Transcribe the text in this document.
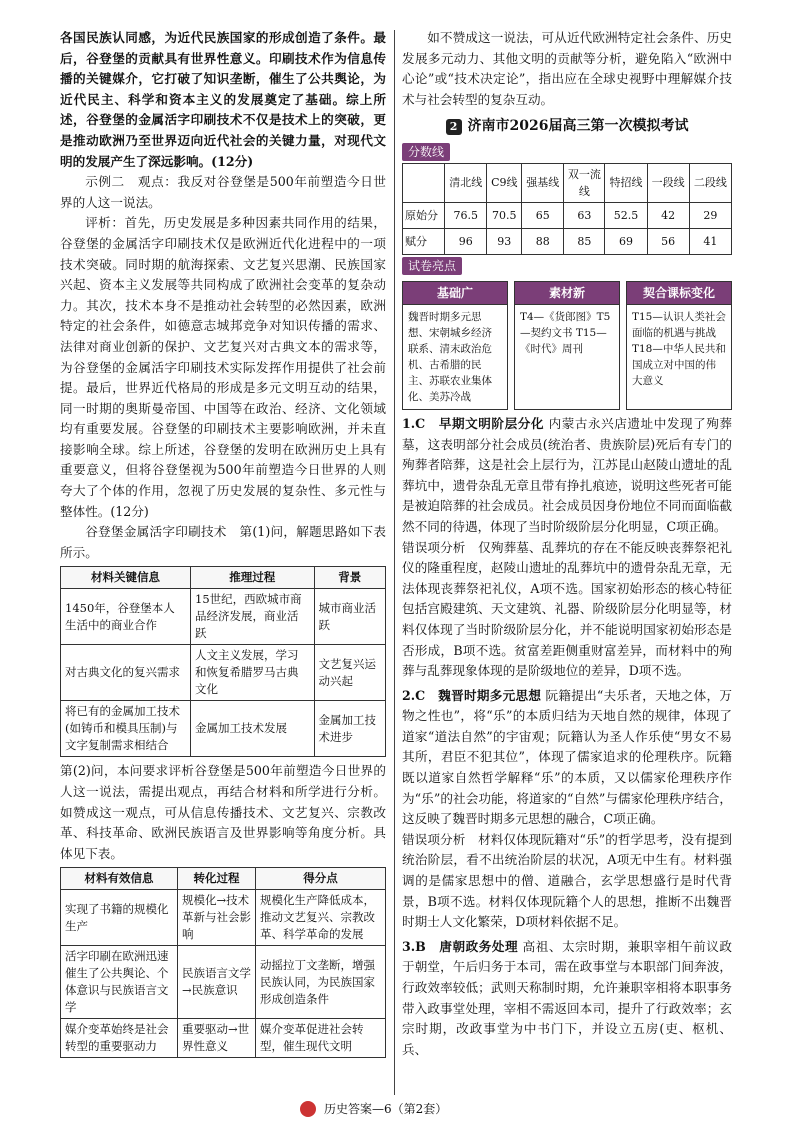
各国民族认同感，为近代民族国家的形成创造了条件。最后，谷登堡的贡献具有世界性意义。印刷技术作为信息传播的关键媒介，它打破了知识垄断，催生了公共舆论，为近代民主、科学和资本主义的发展奠定了基础。综上所述，谷登堡的金属活字印刷技术不仅是技术上的突破，更是推动欧洲乃至世界迈向近代社会的关键力量，对现代文明的发展产生了深远影响。(12分)

示例二　观点：我反对谷登堡是500年前塑造今日世界的人这一说法。

评析：首先，历史发展是多种因素共同作用的结果，谷登堡的金属活字印刷技术仅是欧洲近代化进程中的一项技术突破。同时期的航海探索、文艺复兴思潮、民族国家兴起、资本主义发展等共同构成了欧洲社会变革的复杂动力。其次，技术本身不是推动社会转型的必然因素，欧洲特定的社会条件，如德意志城邦竞争对知识传播的需求、法律对商业创新的保护、文艺复兴对古典文本的需求等，为谷登堡的金属活字印刷技术实际发挥作用提供了社会前提。最后，世界近代格局的形成是多元文明互动的结果，同一时期的奥斯曼帝国、中国等在政治、经济、文化领域均有重要发展。谷登堡的印刷技术主要影响欧洲，并未直接影响全球。综上所述，谷登堡的发明在欧洲历史上具有重要意义，但将谷登堡视为500年前塑造今日世界的人则夸大了个体的作用，忽视了历史发展的复杂性、多元性与整体性。(12分)

谷登堡金属活字印刷技术　第(1)问，解题思路如下表所示。

材料关键信息	推理过程	背景
1450年，谷登堡本人生活中的商业合作	15世纪，西欧城市商品经济发展，商业活跃	城市商业活跃
对古典文化的复兴需求	人文主义发展，学习和恢复希腊罗马古典文化	文艺复兴运动兴起
将已有的金属加工技术(如铸币和模具压制)与文字复制需求相结合	金属加工技术发展	金属加工技术进步

第(2)问，本问要求评析谷登堡是500年前塑造今日世界的人这一说法，需提出观点，再结合材料和所学进行分析。如赞成这一观点，可从信息传播技术、文艺复兴、宗教改革、科技革命、欧洲民族语言及世界影响等角度分析。具体见下表。

材料有效信息	转化过程	得分点
实现了书籍的规模化生产	规模化→技术革新与社会影响	规模化生产降低成本，推动文艺复兴、宗教改革、科学革命的发展
活字印刷在欧洲迅速催生了公共舆论、个体意识与民族语言文学	民族语言文学→民族意识	动摇拉丁文垄断，增强民族认同，为民族国家形成创造条件
媒介变革始终是社会转型的重要驱动力	重要驱动→世界性意义	媒介变革促进社会转型，催生现代文明

如不赞成这一说法，可从近代欧洲特定社会条件、历史发展多元动力、其他文明的贡献等分析，避免陷入“欧洲中心论”或“技术决定论”，指出应在全球史视野中理解媒介技术与社会转型的复杂互动。

2 济南市2026届高三第一次模拟考试
分数线
	清北线	C9线	强基线	双一流线	特招线	一段线	二段线
原始分	76.5	70.5	65	63	52.5	42	29
赋分	96	93	88	85	69	56	41
试卷亮点
基础广
魏晋时期多元思想、宋朝城乡经济联系、清末政治危机、古希腊的民主、苏联农业集体化、美苏冷战
素材新
T4—《货郎图》T5—契约文书 T15—《时代》周刊
契合课标变化
T15—认识人类社会面临的机遇与挑战 T18—中华人民共和国成立对中国的伟大意义

1.C　早期文明阶层分化 内蒙古永兴店遗址中发现了殉葬墓，这表明部分社会成员(统治者、贵族阶层)死后有专门的殉葬者陪葬，这是社会上层行为，江苏昆山赵陵山遗址的乱葬坑中，遗骨杂乱无章且带有挣扎痕迹，说明这些死者可能是被迫陪葬的社会成员。社会成员因身份地位不同而面临截然不同的待遇，体现了当时阶级阶层分化明显，C项正确。

错误项分析　仅殉葬墓、乱葬坑的存在不能反映丧葬祭祀礼仪的隆重程度，赵陵山遗址的乱葬坑中的遗骨杂乱无章，无法体现丧葬祭祀礼仪，A项不选。国家初始形态的核心特征包括宫殿建筑、天文建筑、礼器、阶级阶层分化明显等，材料仅体现了当时阶级阶层分化，并不能说明国家初始形态是否形成，B项不选。贫富差距侧重财富差异，而材料中的殉葬与乱葬现象体现的是阶级地位的差异，D项不选。

2.C　魏晋时期多元思想 阮籍提出“夫乐者，天地之体，万物之性也”，将“乐”的本质归结为天地自然的规律，体现了道家“道法自然”的宇宙观；阮籍认为圣人作乐使“男女不易其所，君臣不犯其位”，体现了儒家追求的伦理秩序。阮籍既以道家自然哲学解释“乐”的本质，又以儒家伦理秩序作为“乐”的社会功能，将道家的“自然”与儒家伦理秩序结合，这反映了魏晋时期多元思想的融合，C项正确。

错误项分析　材料仅体现阮籍对“乐”的哲学思考，没有提到统治阶层，看不出统治阶层的状况，A项无中生有。材料强调的是儒家思想中的僧、道融合，玄学思想盛行是时代背景，B项不选。材料仅体现阮籍个人的思想，推断不出魏晋时期士人文化繁荣，D项材料依据不足。

3.B　唐朝政务处理 高祖、太宗时期，兼职宰相午前议政于朝堂，午后归务于本司，需在政事堂与本职部门间奔波，行政效率较低；武则天称制时期，允许兼职宰相将本职事务带入政事堂处理，宰相不需返回本司，提升了行政效率；玄宗时期，改政事堂为中书门下，并设立五房(吏、枢机、兵、

历史答案—6（第2套）
